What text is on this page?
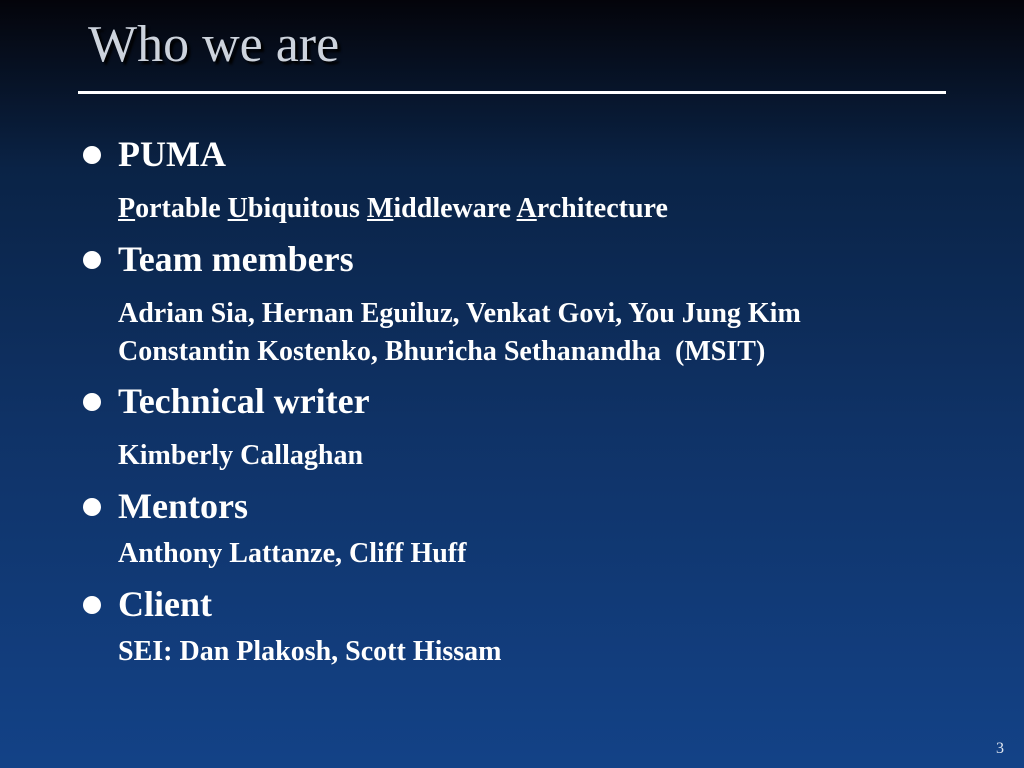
Who we are
PUMA
Portable Ubiquitous Middleware Architecture
Team members
Adrian Sia, Hernan Eguiluz, Venkat Govi, You Jung Kim
Constantin Kostenko, Bhuricha Sethanandha  (MSIT)
Technical writer
Kimberly Callaghan
Mentors
Anthony Lattanze, Cliff Huff
Client
SEI: Dan Plakosh, Scott Hissam
3
